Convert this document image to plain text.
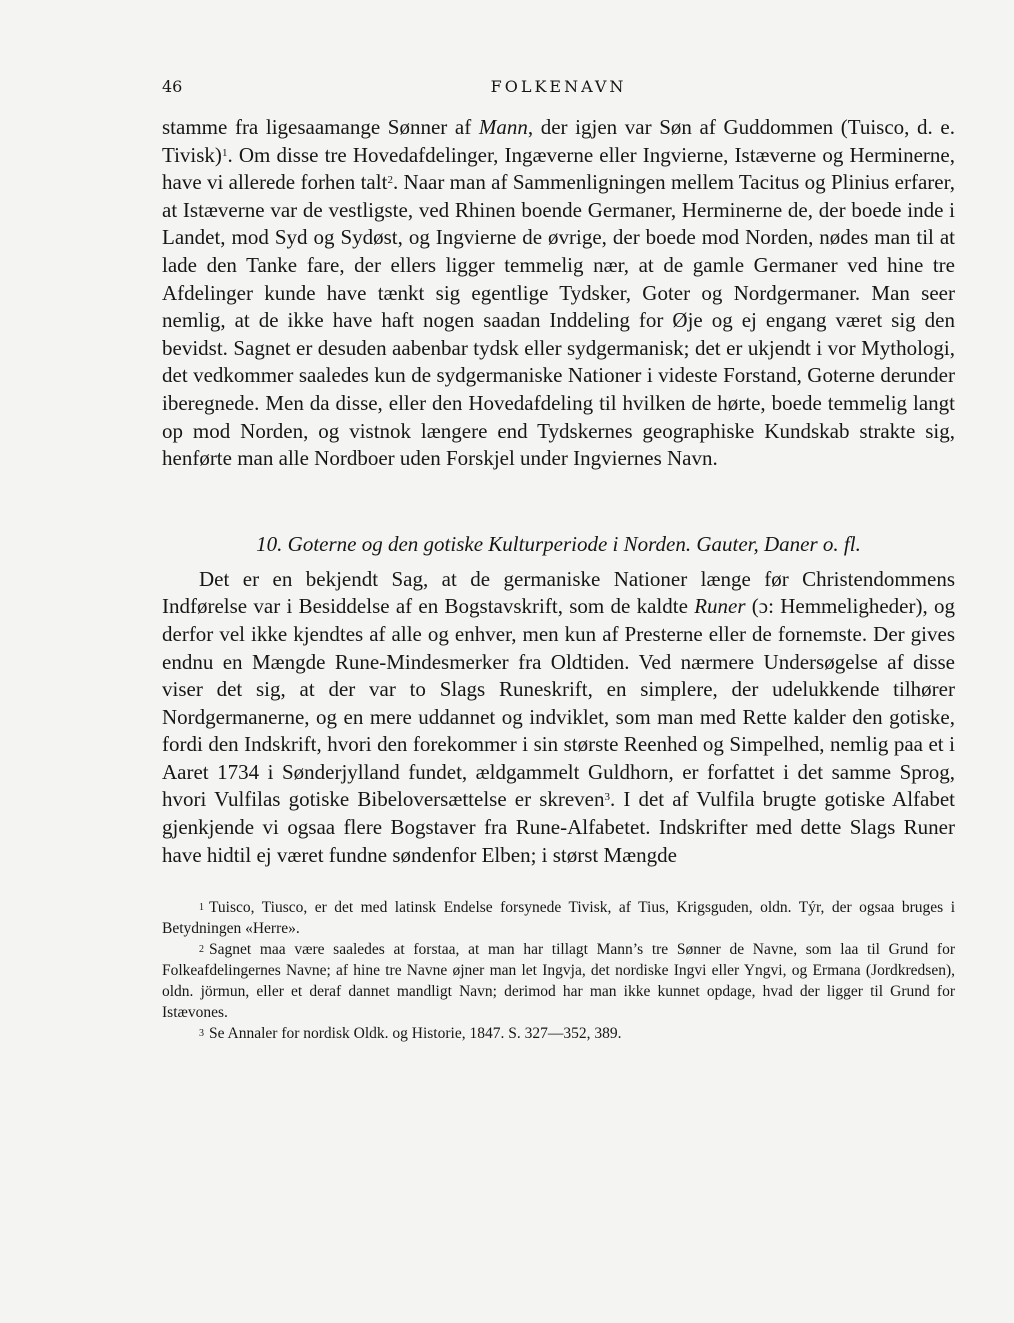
46	FOLKENAVN

stamme fra ligesaamange Sønner af Mann, der igjen var Søn af Guddommen (Tuisco, d. e. Tivisk)$^1$. Om disse tre Hovedafdelinger, Ingæverne eller Ingvierne, Istæverne og Herminerne, have vi allerede forhen talt$^2$. Naar man af Sammenligningen mellem Tacitus og Plinius erfarer, at Istæverne var de vestligste, ved Rhinen boende Germaner, Herminerne de, der boede inde i Landet, mod Syd og Sydøst, og Ingvierne de øvrige, der boede mod Norden, nødes man til at lade den Tanke fare, der ellers ligger temmelig nær, at de gamle Germaner ved hine tre Afdelinger kunde have tænkt sig egentlige Tydsker, Goter og Nordgermaner. Man seer nemlig, at de ikke have haft nogen saadan Inddeling for Øje og ej engang været sig den bevidst. Sagnet er desuden aabenbar tydsk eller sydgermanisk; det er ukjendt i vor Mythologi, det vedkommer saaledes kun de sydgermaniske Nationer i videste Forstand, Goterne derunder iberegnede. Men da disse, eller den Hovedafdeling til hvilken de hørte, boede temmelig langt op mod Norden, og vistnok længere end Tydskernes geographiske Kundskab strakte sig, henførte man alle Nordboer uden Forskjel under Ingviernes Navn.

10. Goterne og den gotiske Kulturperiode i Norden. Gauter, Daner o. fl.

Det er en bekjendt Sag, at de germaniske Nationer længe før Christendommens Indførelse var i Besiddelse af en Bogstavskrift, som de kaldte Runer (ɔ: Hemmeligheder), og derfor vel ikke kjendtes af alle og enhver, men kun af Presterne eller de fornemste. Der gives endnu en Mængde Rune-Mindesmerker fra Oldtiden. Ved nærmere Undersøgelse af disse viser det sig, at der var to Slags Runeskrift, en simplere, der udelukkende tilhører Nordgermanerne, og en mere uddannet og indviklet, som man med Rette kalder den gotiske, fordi den Indskrift, hvori den forekommer i sin største Reenhed og Simpelhed, nemlig paa et i Aaret 1734 i Sønderjylland fundet, ældgammelt Guldhorn, er forfattet i det samme Sprog, hvori Vulfilas gotiske Bibeloversættelse er skreven$^3$. I det af Vulfila brugte gotiske Alfabet gjenkjende vi ogsaa flere Bogstaver fra Rune-Alfabetet. Indskrifter med dette Slags Runer have hidtil ej været fundne søndenfor Elben; i størst Mængde

1 Tuisco, Tiusco, er det med latinsk Endelse forsynede Tivisk, af Tius, Krigsguden, oldn. Týr, der ogsaa bruges i Betydningen «Herre».

2 Sagnet maa være saaledes at forstaa, at man har tillagt Mann’s tre Sønner de Navne, som laa til Grund for Folkeafdelingernes Navne; af hine tre Navne øjner man let Ingvja, det nordiske Ingvi eller Yngvi, og Ermana (Jordkredsen), oldn. jörmun, eller et deraf dannet mandligt Navn; derimod har man ikke kunnet opdage, hvad der ligger til Grund for Istævones.

3 Se Annaler for nordisk Oldk. og Historie, 1847. S. 327—352, 389.
